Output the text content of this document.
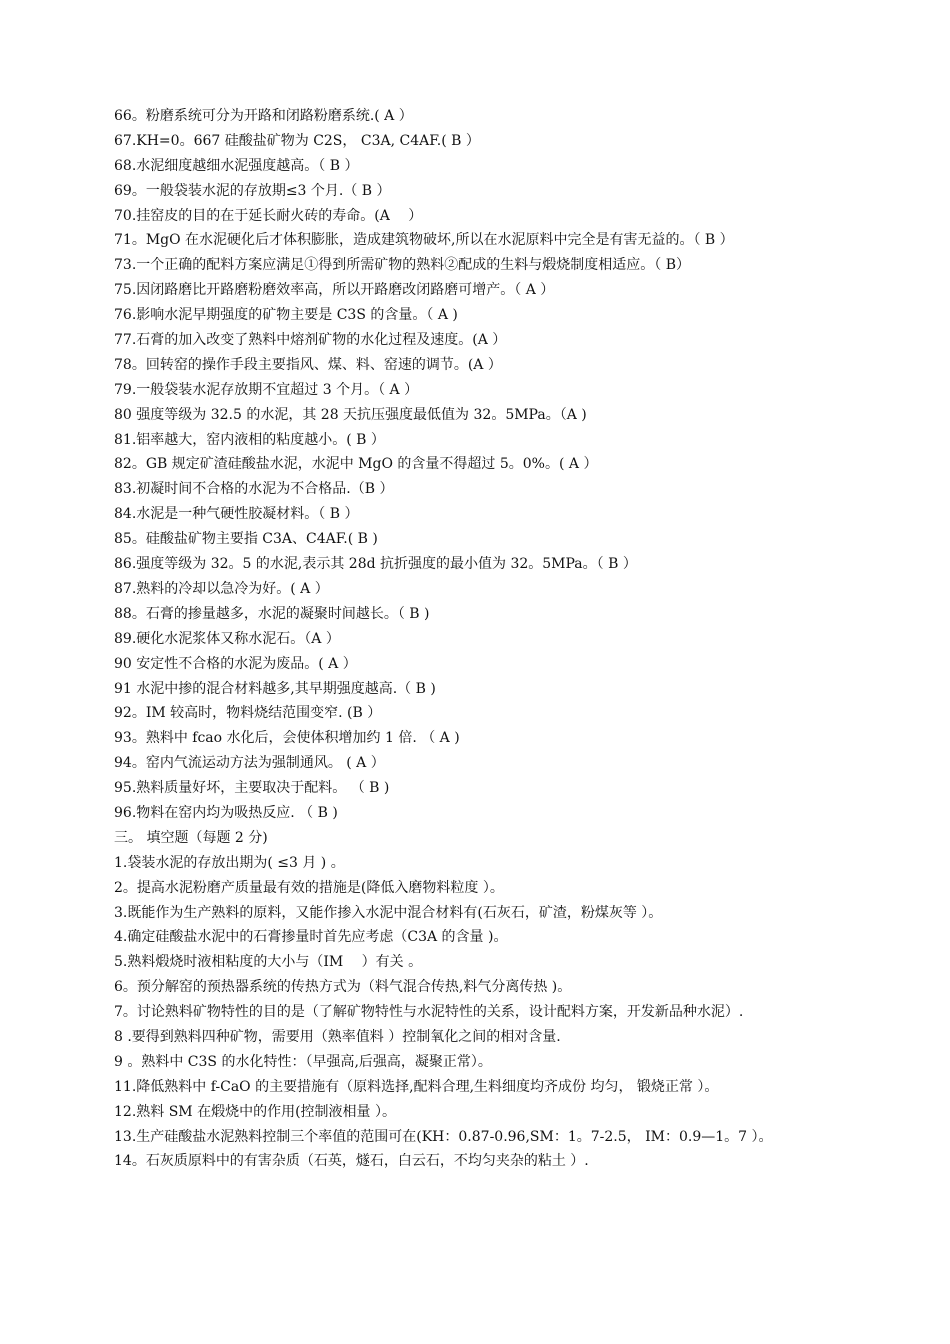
66。粉磨系统可分为开路和闭路粉磨系统.( A ）
67.KH=0。667 硅酸盐矿物为 C2S， C3A, C4AF.( B ）
68.水泥细度越细水泥强度越高。（ B ）
69。一般袋装水泥的存放期≤3 个月.（ B ）
70.挂窑皮的目的在于延长耐火砖的寿命。(A　 ）
71。MgO 在水泥硬化后才体积膨胀，造成建筑物破坏,所以在水泥原料中完全是有害无益的。（ B ）
73.一个正确的配料方案应满足①得到所需矿物的熟料②配成的生料与煅烧制度相适应。（ B）
75.因闭路磨比开路磨粉磨效率高，所以开路磨改闭路磨可增产。（ A ）
76.影响水泥早期强度的矿物主要是 C3S 的含量。（ A )
77.石膏的加入改变了熟料中熔剂矿物的水化过程及速度。(A ）
78。回转窑的操作手段主要指风、煤、料、窑速的调节。(A ）
79.一般袋装水泥存放期不宜超过 3 个月。（ A ）
80 强度等级为 32.5 的水泥，其 28 天抗压强度最低值为 32。5MPa。（A )
81.铝率越大，窑内液相的粘度越小。( B ）
82。GB 规定矿渣硅酸盐水泥，水泥中 MgO 的含量不得超过 5。0%。( A ）
83.初凝时间不合格的水泥为不合格品.（B ）
84.水泥是一种气硬性胶凝材料。（ B ）
85。硅酸盐矿物主要指 C3A、C4AF.( B )
86.强度等级为 32。5 的水泥,表示其 28d 抗折强度的最小值为 32。5MPa。（ B ）
87.熟料的冷却以急冷为好。( A ）
88。石膏的掺量越多，水泥的凝聚时间越长。（ B )
89.硬化水泥浆体又称水泥石。（A ）
90 安定性不合格的水泥为废品。( A ）
91 水泥中掺的混合材料越多,其早期强度越高.（ B )
92。IM 较高时，物料烧结范围变窄. (B ）
93。熟料中 fcao 水化后，会使体积增加约 1 倍. （ A )
94。窑内气流运动方法为强制通风。 ( A ）
95.熟料质量好坏，主要取决于配料。 （ B )
96.物料在窑内均为吸热反应. （ B )
三。 填空题（每题 2 分)
1.袋装水泥的存放出期为( ≤3 月 ) 。
2。提高水泥粉磨产质量最有效的措施是(降低入磨物料粒度 ）。
3.既能作为生产熟料的原料，又能作掺入水泥中混合材料有(石灰石，矿渣，粉煤灰等 ）。
4.确定硅酸盐水泥中的石膏掺量时首先应考虑（C3A 的含量 )。
5.熟料煅烧时液相粘度的大小与（IM　 ）有关 。
6。预分解窑的预热器系统的传热方式为（料气混合传热,料气分离传热 )。
7。讨论熟料矿物特性的目的是（了解矿物特性与水泥特性的关系，设计配料方案，开发新品种水泥）.
8 .要得到熟料四种矿物，需要用（熟率值料 ）控制氧化之间的相对含量.
9 。熟料中 C3S 的水化特性：（早强高,后强高，凝聚正常）。
11.降低熟料中 f-CaO 的主要措施有（原料选择,配料合理,生料细度均齐成份 均匀， 锻烧正常 ）。
12.熟料 SM 在煅烧中的作用(控制液相量 ）。
13.生产硅酸盐水泥熟料控制三个率值的范围可在(KH：0.87-0.96,SM：1。7-2.5， IM：0.9—1。7 ）。
14。石灰质原料中的有害杂质（石英，燧石，白云石，不均匀夹杂的粘土 ）.
